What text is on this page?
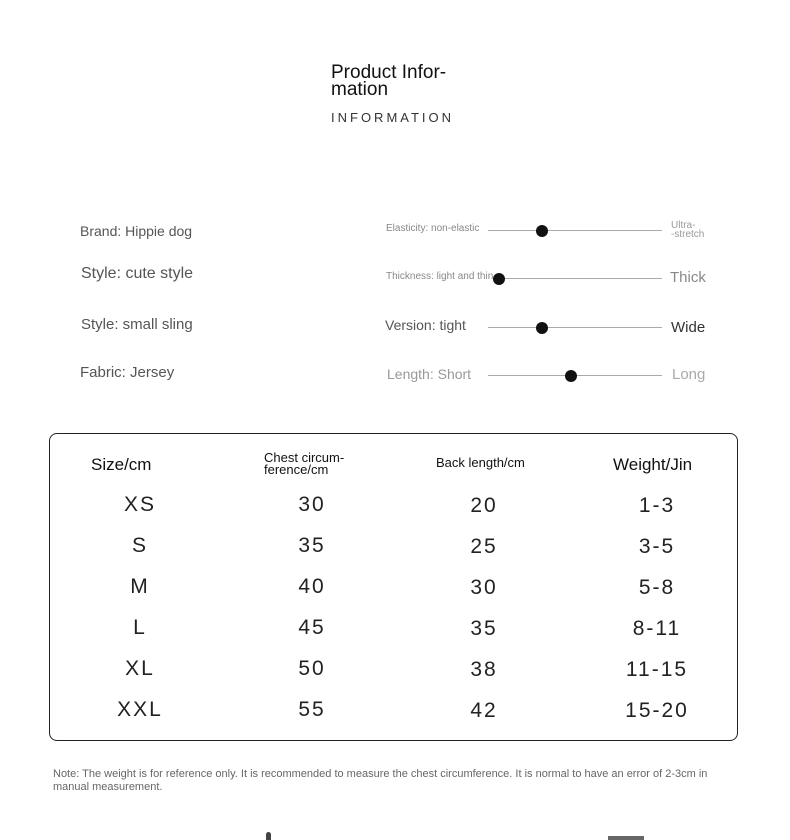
Product Infor-
mation
INFORMATION
Brand: Hippie dog
Style: cute style
Style: small sling
Fabric: Jersey
Elasticity: non-elastic	Ultra-
-stretch
Thickness: light and thin	Thick
Version: tight	Wide
Length: Short	Long
Size/cm	Chest circum-
ference/cm	Back length/cm	Weight/Jin
XS	30	20	1-3
S	35	25	3-5
M	40	30	5-8
L	45	35	8-11
XL	50	38	11-15
XXL	55	42	15-20
Note: The weight is for reference only. It is recommended to measure the chest circumference. It is normal to have an error of 2-3cm in manual measurement.
